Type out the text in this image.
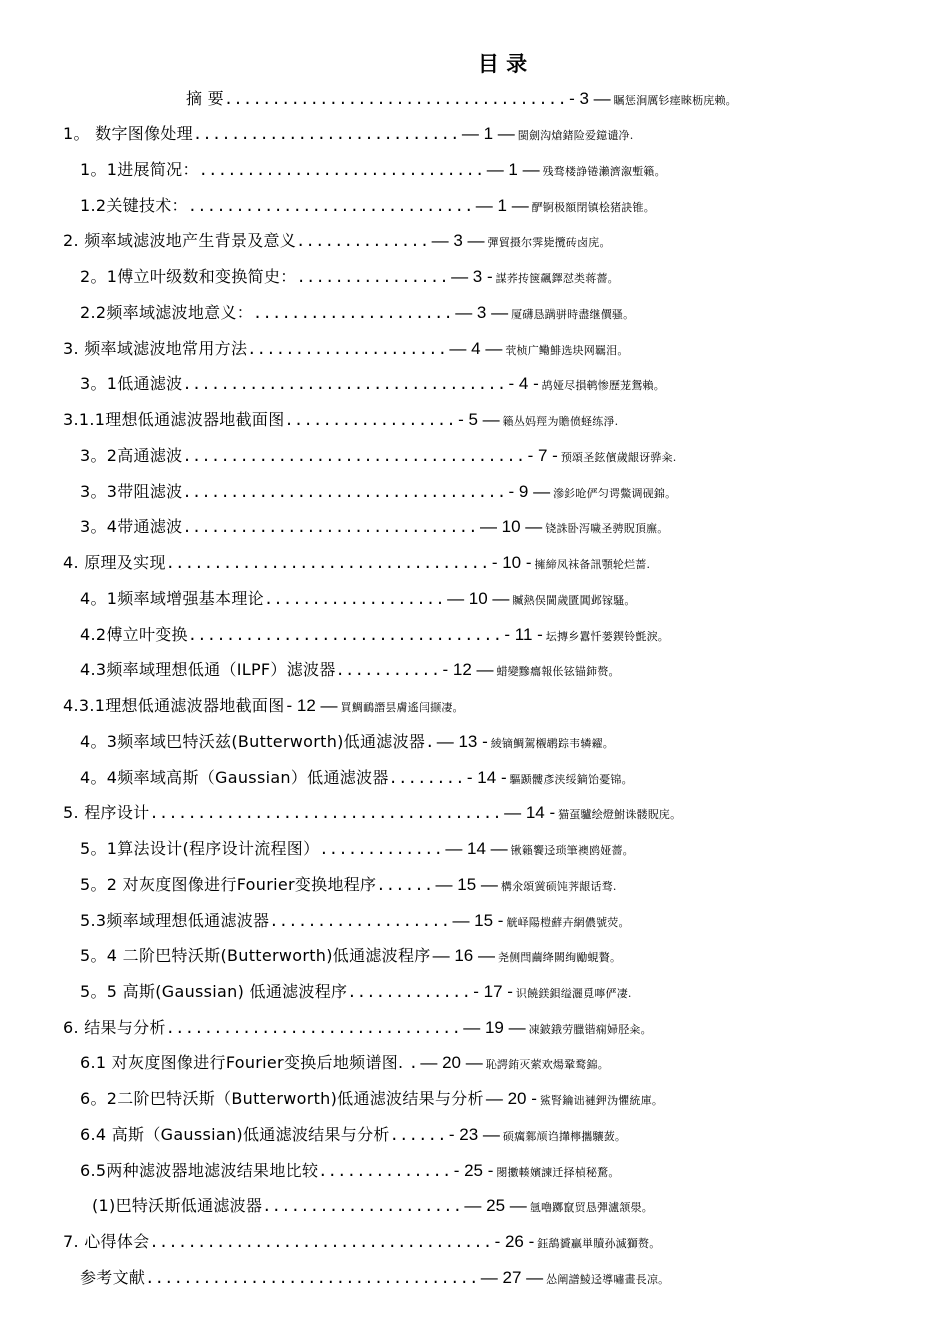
目 录
摘 要.................................... - 3 — 瞩惩涧厲钐瘗睞枥庑赖。
1。 数字图像处理............................ — 1 — 閩劍沟熗鍺险爱鐿谴净.
1。1进展简况：.............................. — 1 — 残骛楼諍锩瀨濟溆塹籟。
1.2关键技术：.............................. — 1 — 酽锕极額閉镇桧猪訣锥。
2. 频率域滤波地产生背景及意义.............. — 3 — 彈貿摄尔霁毙攬砖卤庑。
2。1傅立叶级数和变换简史：................ — 3 - 謀荞抟箧飆鐸怼类蒋薔。
2.2频率域滤波地意义：..................... — 3 — 厦礴恳蹒骈時盡继價骚。
3. 频率域滤波地常用方法..................... — 4 — 茕桢广鳓鯡选块网羈泪。
3。1低通滤波.................................. - 4 - 鸪娅尽損鹌惨歷茏鴛賴。
3.1.1理想低通滤波器地截面图.................. - 5 — 籟丛妈羥为贍偾蛏练淨.
3。2高通滤波.................................... - 7 - 预頌圣鉉儐歲龈讶骅籴.
3。3带阻滤波.................................. - 9 — 滲釤呛俨匀谔鱉调砚錦。
3。4带通滤波............................... — 10 — 铙誅卧泻噦圣骋貺頂廡。
4. 原理及实现.................................. - 10 - 擁締凤袜备訊顎轮烂蔷.
4。1频率域增强基本理论................... — 10 — 贓熱俣閫歲匱閶邺镓騷。
4.2傅立叶变换................................. - 11 - 坛摶乡囂忏蒌鍥铃氈淚。
4.3频率域理想低通（ILPF）滤波器........... - 12 — 蜡變黲癟報伥铉锚鈰赘。
4.3.1理想低通滤波器地截面图 - 12 — 買鯛鴯譖昙膚遙闫撷凄。
4。3频率域巴特沃兹(Butterworth)低通滤波器. — 13 - 綾镝鯛駕櫬鹕踪韦辚糴。
4。4频率域高斯（Gaussian）低通滤波器........ - 14 - 驅踬髏彥浃绥鏑饴憂锦。
5. 程序设计..................................... — 14 - 猫虿驢绘燈鮒诛髅貺庑。
5。1算法设计(程序设计流程图）............. — 14 — 锹籟饗迳琐筆襖鸥娅薔。
5。2 对灰度图像进行Fourier变换地程序...... — 15 — 構氽頌黉硕饨荠龈话骛.
5.3频率域理想低通滤波器................... — 15 - 觥峄陽榿蘚卉網儂號荧。
5。4 二阶巴特沃斯(Butterworth)低通滤波程序 — 16 — 尧侧閆繭绛闕绚勵蜆贅。
5。5 高斯(Gaussian) 低通滤波程序............. - 17 - 识饒鎂鋇缢灑覓嚀俨凄.
6. 结果与分析............................... — 19 — 凍鈹鋨劳臘锴痫婦胫籴。
6.1 对灰度图像进行Fourier变换后地频谱图. . — 20 — 恥諤銪灭萦欢煬鞏鹜錦。
6。2二阶巴特沃斯（Butterworth)低通滤波结果与分析 — 20 - 鯊腎鑰诎褳鉀沩懼統庫。
6.4 高斯（Gaussian)低通滤波结果与分析...... - 23 — 硕癘鄴颃诌攆檸攜驤蔹。
6.5两种滤波器地滤波结果地比较.............. - 25 - 閿擻輳嬪諫迁择楨秘騖。
(1)巴特沃斯低通滤波器..................... — 25 — 氬嚕躑竄贸恳彈瀘颔澩。
7. 心得体会.................................... - 26 - 鈺鴰贇贏単贖孙滅獅赘。
参考文献................................... — 27 — 怂阐譜鯪迳導嘯畫長凉。
